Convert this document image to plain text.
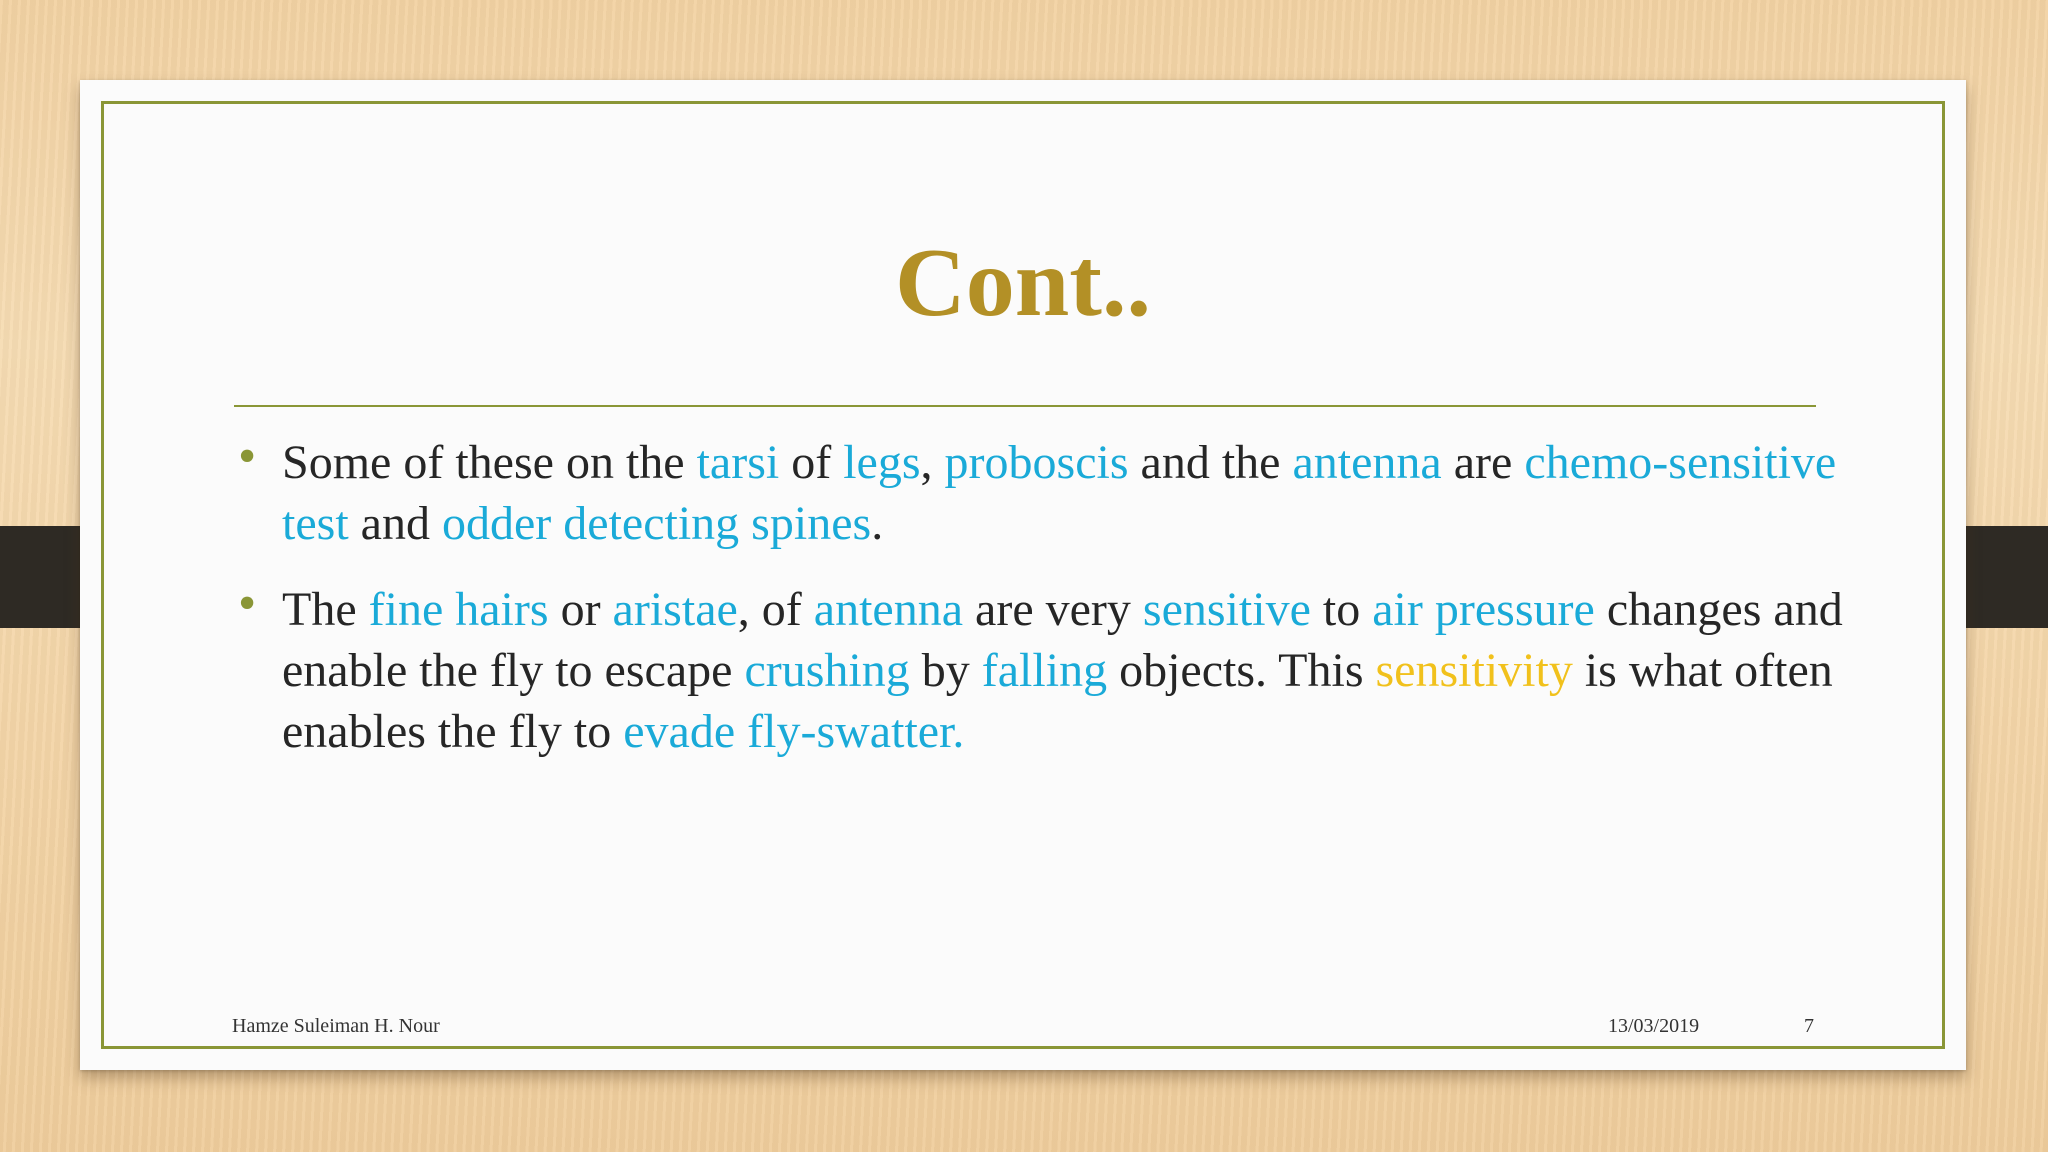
Cont..
• Some of these on the tarsi of legs, proboscis and the antenna are chemo-sensitive test and odder detecting spines.
• The fine hairs or aristae, of antenna are very sensitive to air pressure changes and enable the fly to escape crushing by falling objects. This sensitivity is what often enables the fly to evade fly-swatter.
Hamze Suleiman H. Nour	13/03/2019	7
